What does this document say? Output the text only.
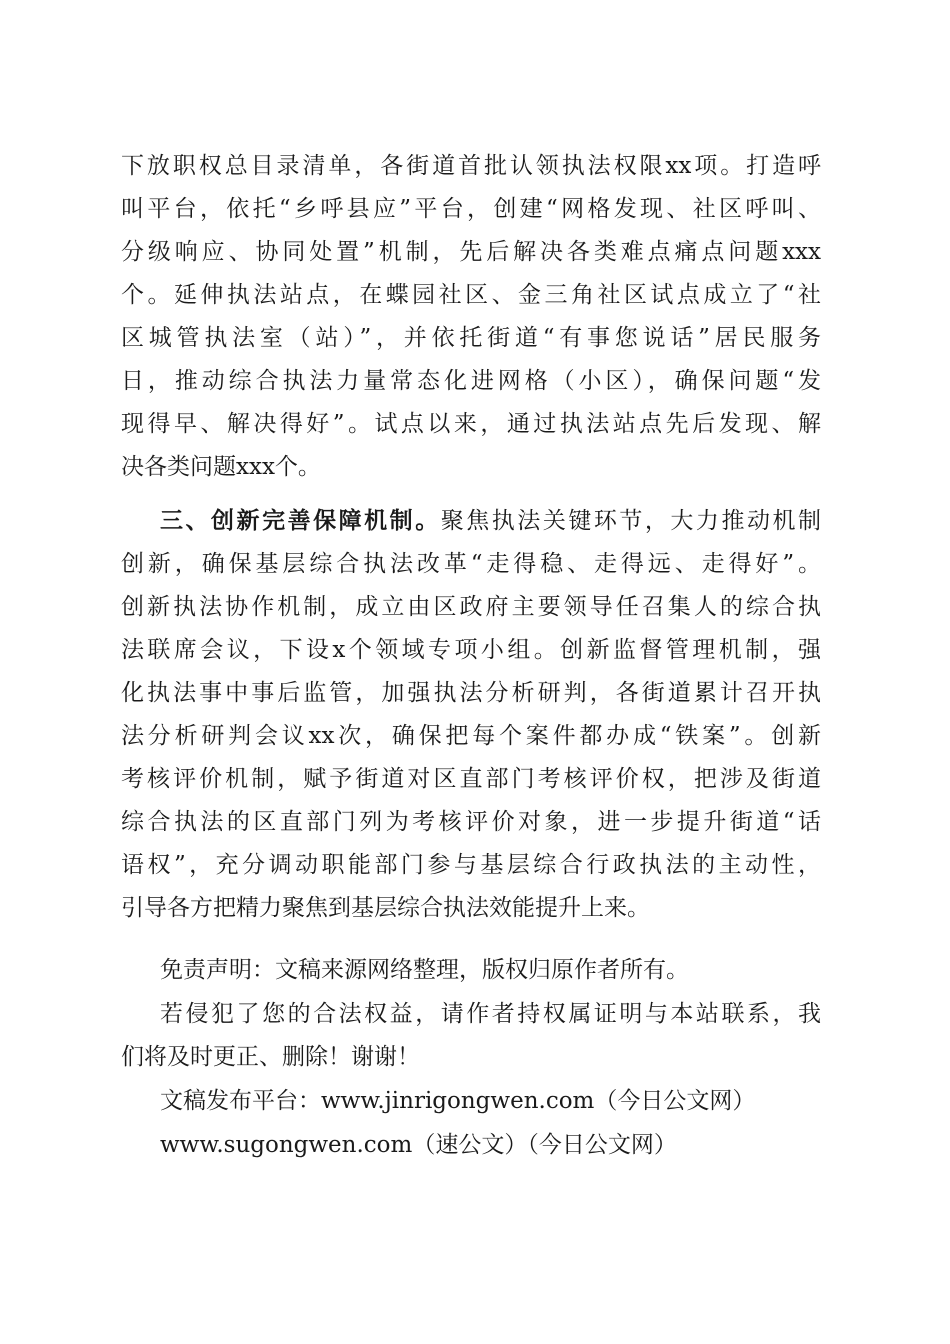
下放职权总目录清单，各街道首批认领执法权限xx项。打造呼
叫平台，依托“乡呼县应”平台，创建“网格发现、社区呼叫、
分级响应、协同处置”机制，先后解决各类难点痛点问题xxx
个。延伸执法站点，在蝶园社区、金三角社区试点成立了“社
区城管执法室（站）”，并依托街道“有事您说话”居民服务
日，推动综合执法力量常态化进网格（小区），确保问题“发
现得早、解决得好”。试点以来，通过执法站点先后发现、解
决各类问题xxx个。
三、创新完善保障机制。聚焦执法关键环节，大力推动机制
创新，确保基层综合执法改革“走得稳、走得远、走得好”。
创新执法协作机制，成立由区政府主要领导任召集人的综合执
法联席会议，下设x个领域专项小组。创新监督管理机制，强
化执法事中事后监管，加强执法分析研判，各街道累计召开执
法分析研判会议xx次，确保把每个案件都办成“铁案”。创新
考核评价机制，赋予街道对区直部门考核评价权，把涉及街道
综合执法的区直部门列为考核评价对象，进一步提升街道“话
语权”，充分调动职能部门参与基层综合行政执法的主动性，
引导各方把精力聚焦到基层综合执法效能提升上来。
免责声明：文稿来源网络整理，版权归原作者所有。
若侵犯了您的合法权益，请作者持权属证明与本站联系，我
们将及时更正、删除！谢谢！
文稿发布平台：www.jinrigongwen.com（今日公文网）
www.sugongwen.com（速公文）（今日公文网）
